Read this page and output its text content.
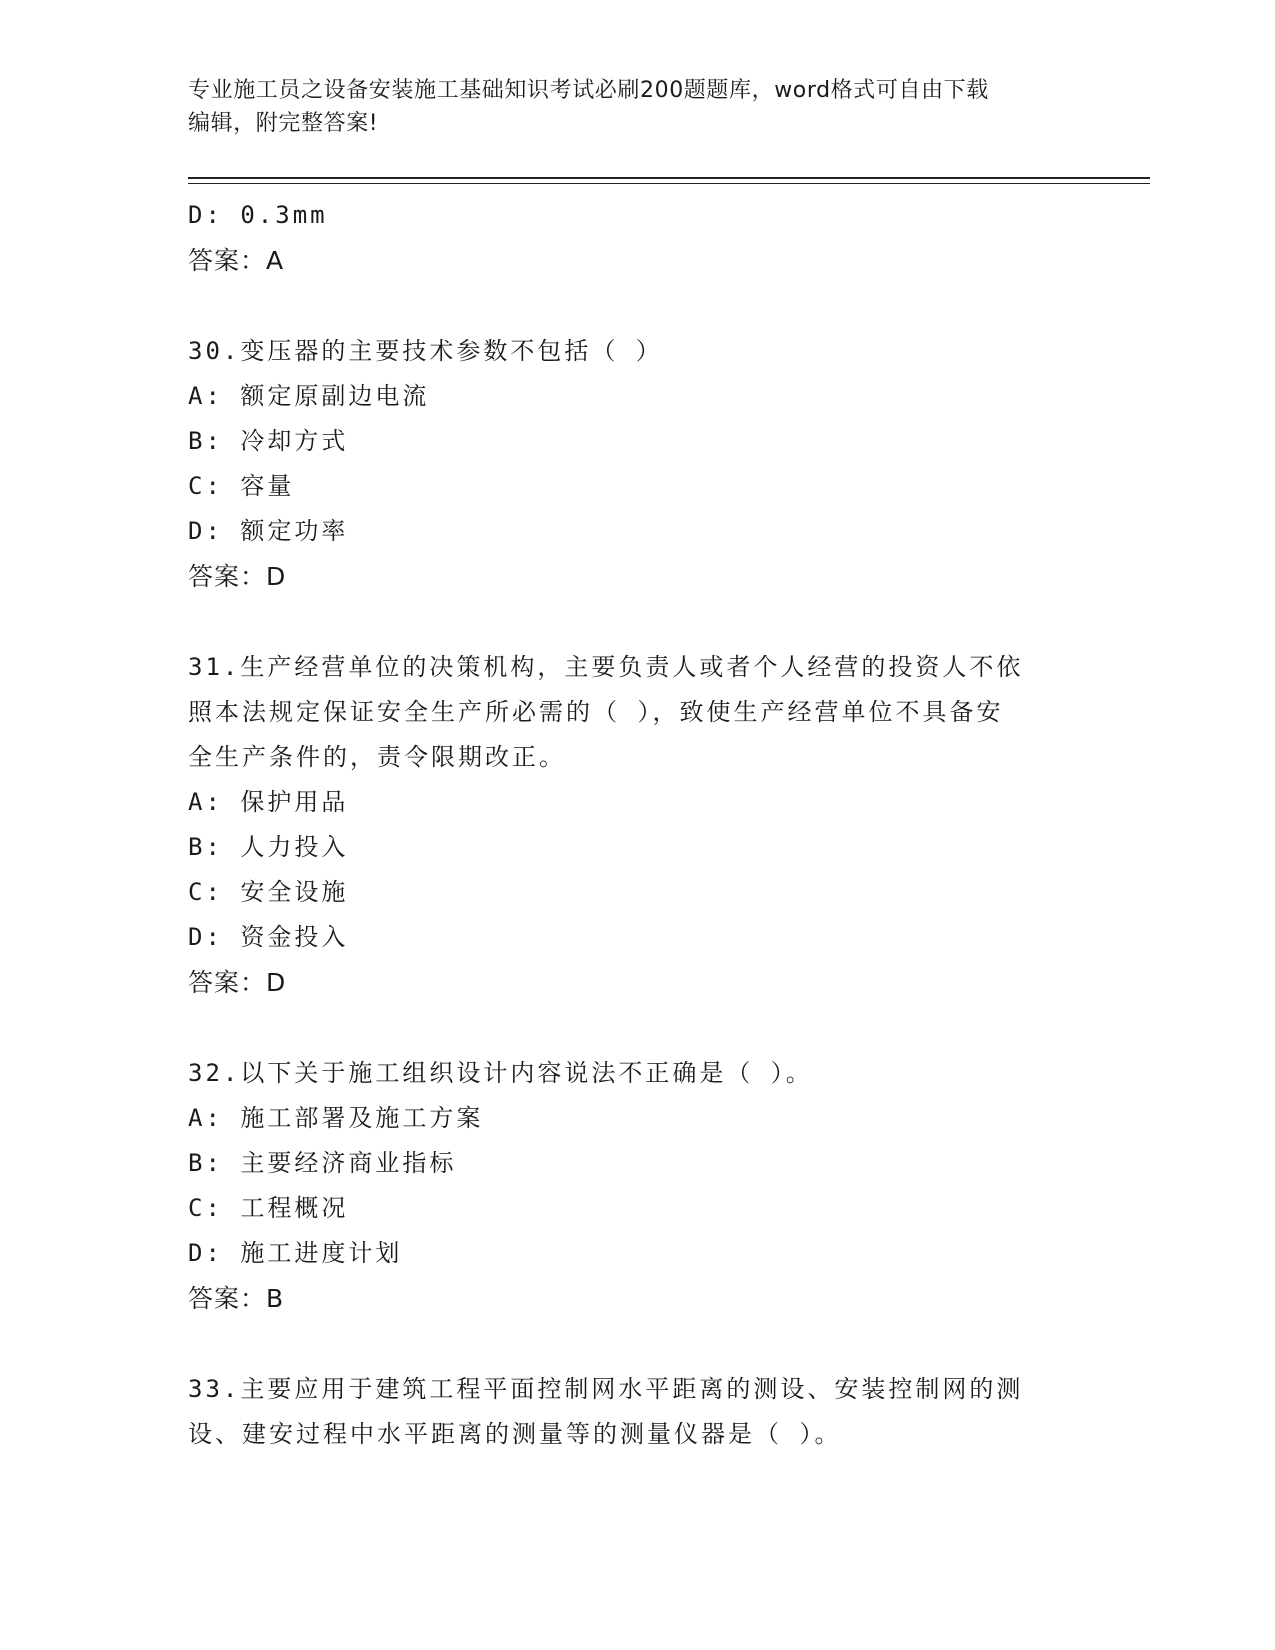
专业施工员之设备安装施工基础知识考试必刷200题题库，word格式可自由下载
编辑，附完整答案!
D: 0.3mm
答案：A
30.变压器的主要技术参数不包括（ ）
A: 额定原副边电流
B: 冷却方式
C: 容量
D: 额定功率
答案：D
31.生产经营单位的决策机构，主要负责人或者个人经营的投资人不依
照本法规定保证安全生产所必需的（ ），致使生产经营单位不具备安
全生产条件的，责令限期改正。
A: 保护用品
B: 人力投入
C: 安全设施
D: 资金投入
答案：D
32.以下关于施工组织设计内容说法不正确是（ ）。
A: 施工部署及施工方案
B: 主要经济商业指标
C: 工程概况
D: 施工进度计划
答案：B
33.主要应用于建筑工程平面控制网水平距离的测设、安装控制网的测
设、建安过程中水平距离的测量等的测量仪器是（ ）。
